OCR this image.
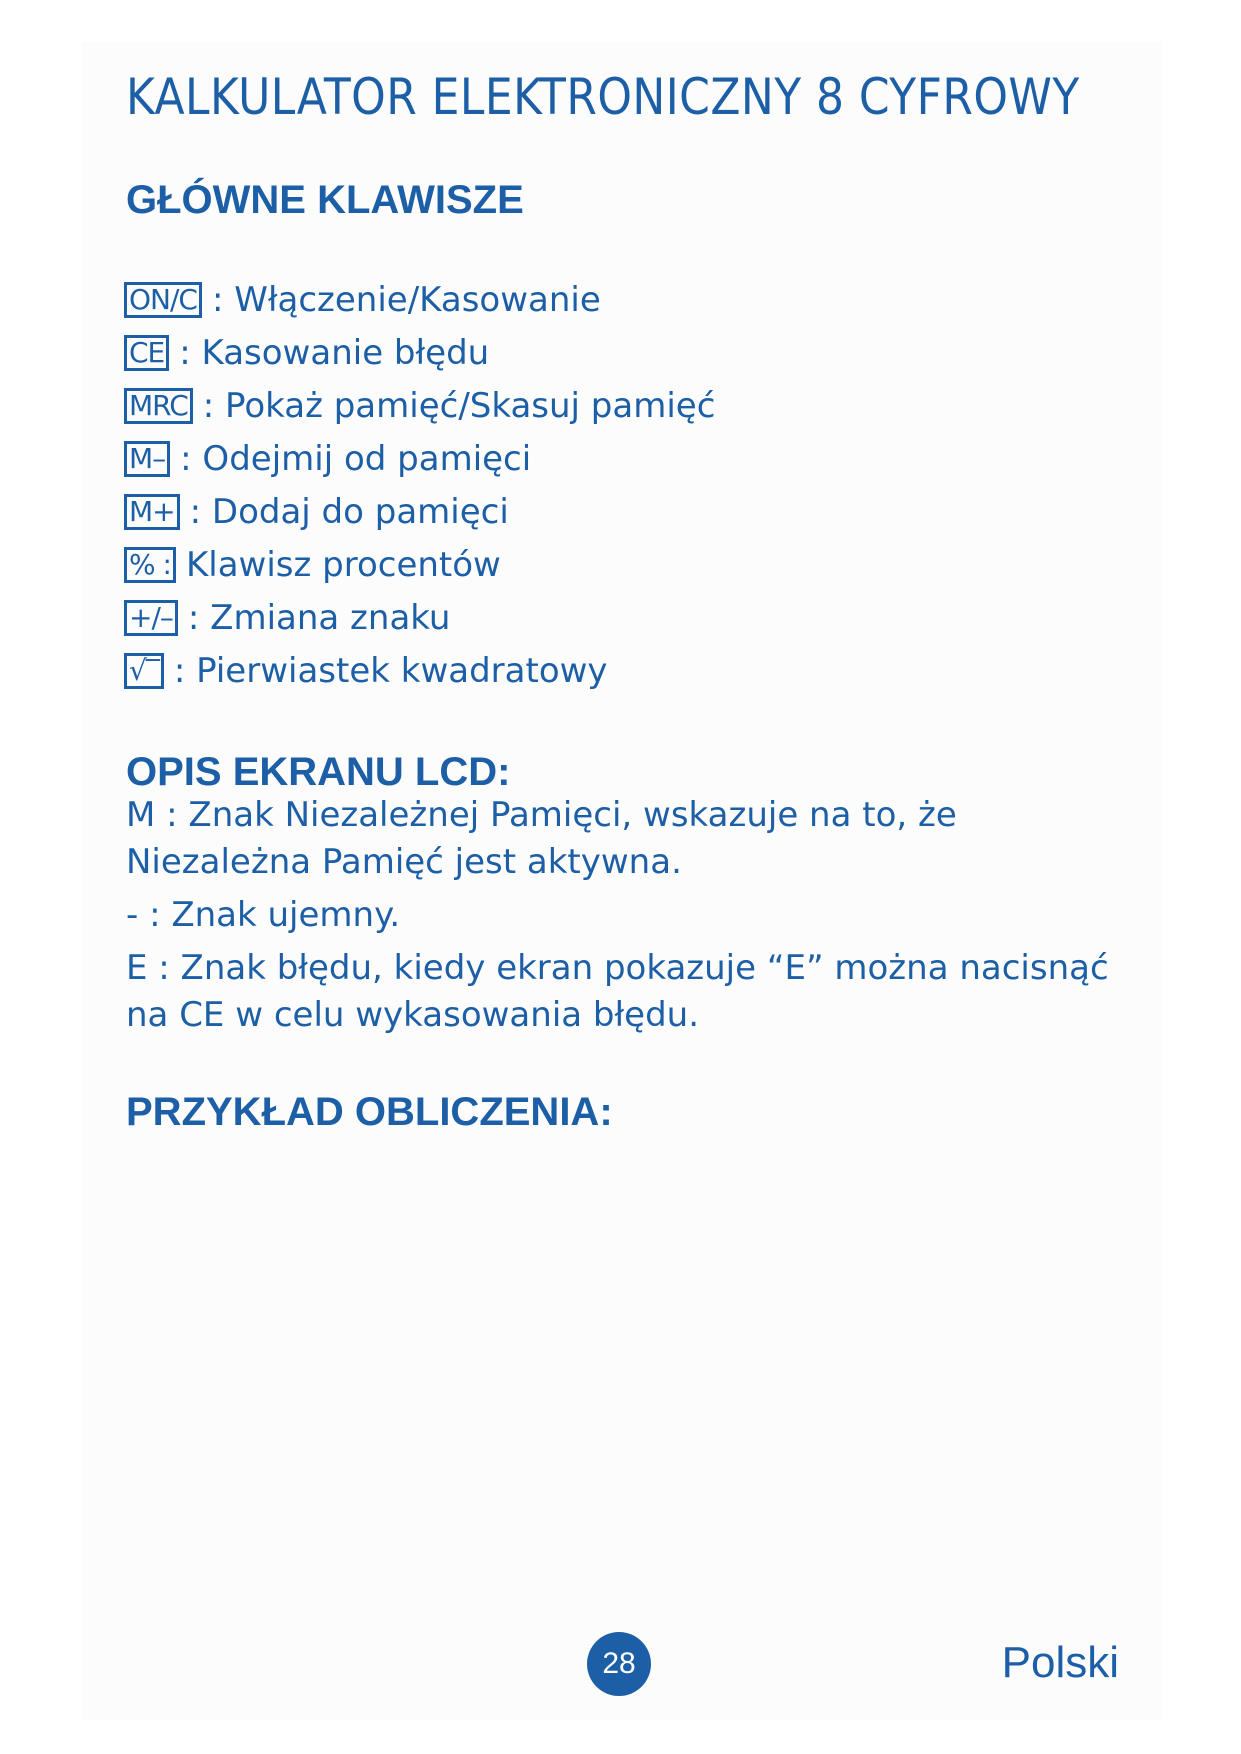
KALKULATOR ELEKTRONICZNY 8 CYFROWY
GŁÓWNE KLAWISZE
ON/C : Włączenie/Kasowanie
CE : Kasowanie błędu
MRC : Pokaż pamięć/Skasuj pamięć
M– : Odejmij od pamięci
M+ : Dodaj do pamięci
% : Klawisz procentów
+/– : Zmiana znaku
√‾ : Pierwiastek kwadratowy
OPIS EKRANU LCD:

M : Znak Niezależnej Pamięci, wskazuje na to, że Niezależna Pamięć jest aktywna.

- : Znak ujemny.

E : Znak błędu, kiedy ekran pokazuje “E” można nacisnąć na CE w celu wykasowania błędu.

PRZYKŁAD OBLICZENIA:
28	Polski
